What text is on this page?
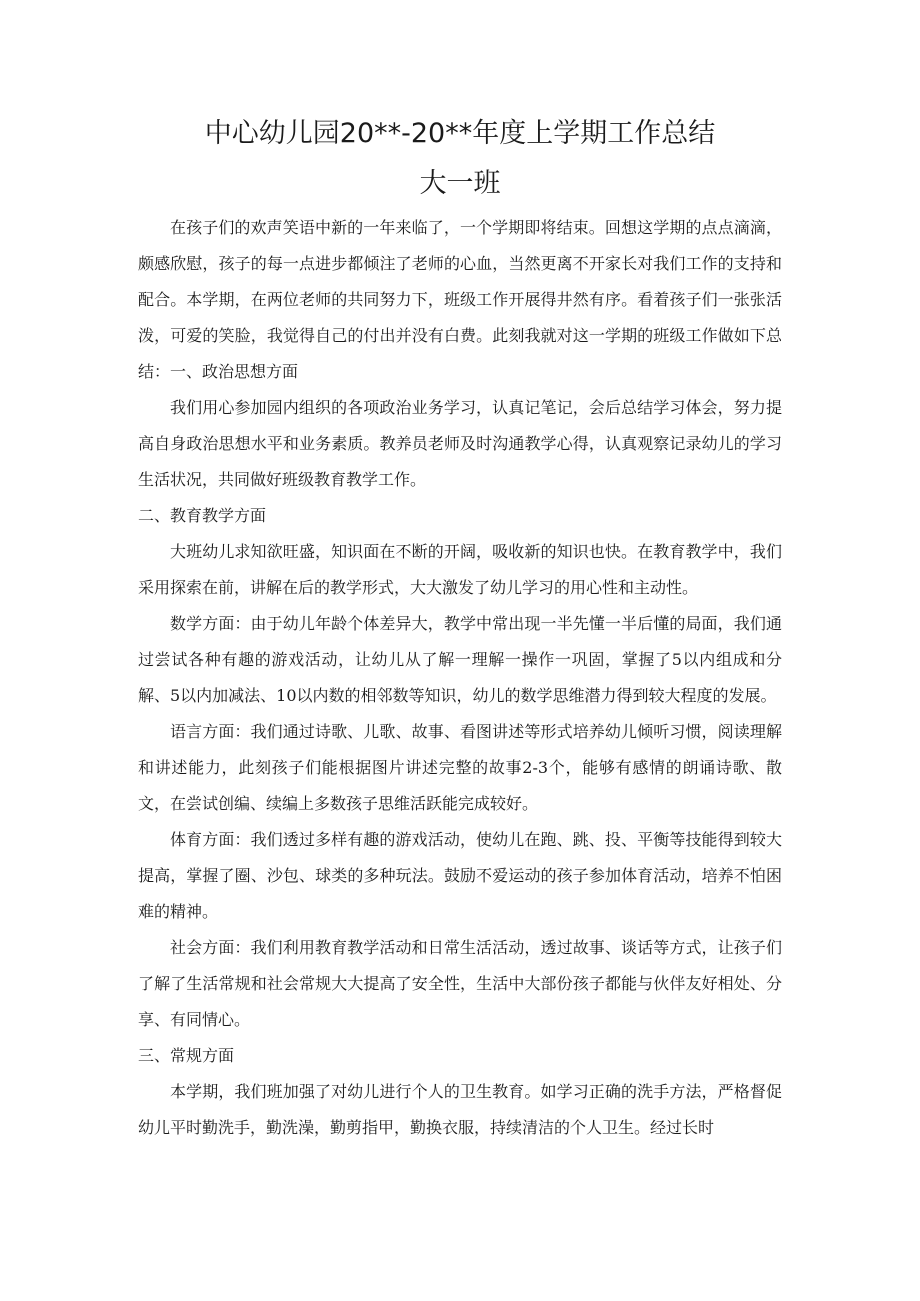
中心幼儿园20**-20**年度上学期工作总结
大一班

在孩子们的欢声笑语中新的一年来临了，一个学期即将结束。回想这学期的点点滴滴，颇感欣慰，孩子的每一点进步都倾注了老师的心血，当然更离不开家长对我们工作的支持和配合。本学期，在两位老师的共同努力下，班级工作开展得井然有序。看着孩子们一张张活泼，可爱的笑脸，我觉得自己的付出并没有白费。此刻我就对这一学期的班级工作做如下总结：一、政治思想方面

我们用心参加园内组织的各项政治业务学习，认真记笔记，会后总结学习体会，努力提高自身政治思想水平和业务素质。教养员老师及时沟通教学心得，认真观察记录幼儿的学习生活状况，共同做好班级教育教学工作。

二、教育教学方面

大班幼儿求知欲旺盛，知识面在不断的开阔，吸收新的知识也快。在教育教学中，我们采用探索在前，讲解在后的教学形式，大大激发了幼儿学习的用心性和主动性。

数学方面：由于幼儿年龄个体差异大，教学中常出现一半先懂一半后懂的局面，我们通过尝试各种有趣的游戏活动，让幼儿从了解一理解一操作一巩固，掌握了5以内组成和分解、5以内加减法、10以内数的相邻数等知识，幼儿的数学思维潜力得到较大程度的发展。

语言方面：我们通过诗歌、儿歌、故事、看图讲述等形式培养幼儿倾听习惯，阅读理解和讲述能力，此刻孩子们能根据图片讲述完整的故事2-3个，能够有感情的朗诵诗歌、散文，在尝试创编、续编上多数孩子思维活跃能完成较好。

体育方面：我们透过多样有趣的游戏活动，使幼儿在跑、跳、投、平衡等技能得到较大提高，掌握了圈、沙包、球类的多种玩法。鼓励不爱运动的孩子参加体育活动，培养不怕困难的精神。

社会方面：我们利用教育教学活动和日常生活活动，透过故事、谈话等方式，让孩子们了解了生活常规和社会常规大大提高了安全性，生活中大部份孩子都能与伙伴友好相处、分享、有同情心。

三、常规方面

本学期，我们班加强了对幼儿进行个人的卫生教育。如学习正确的洗手方法，严格督促幼儿平时勤洗手，勤洗澡，勤剪指甲，勤换衣服，持续清洁的个人卫生。经过长时
